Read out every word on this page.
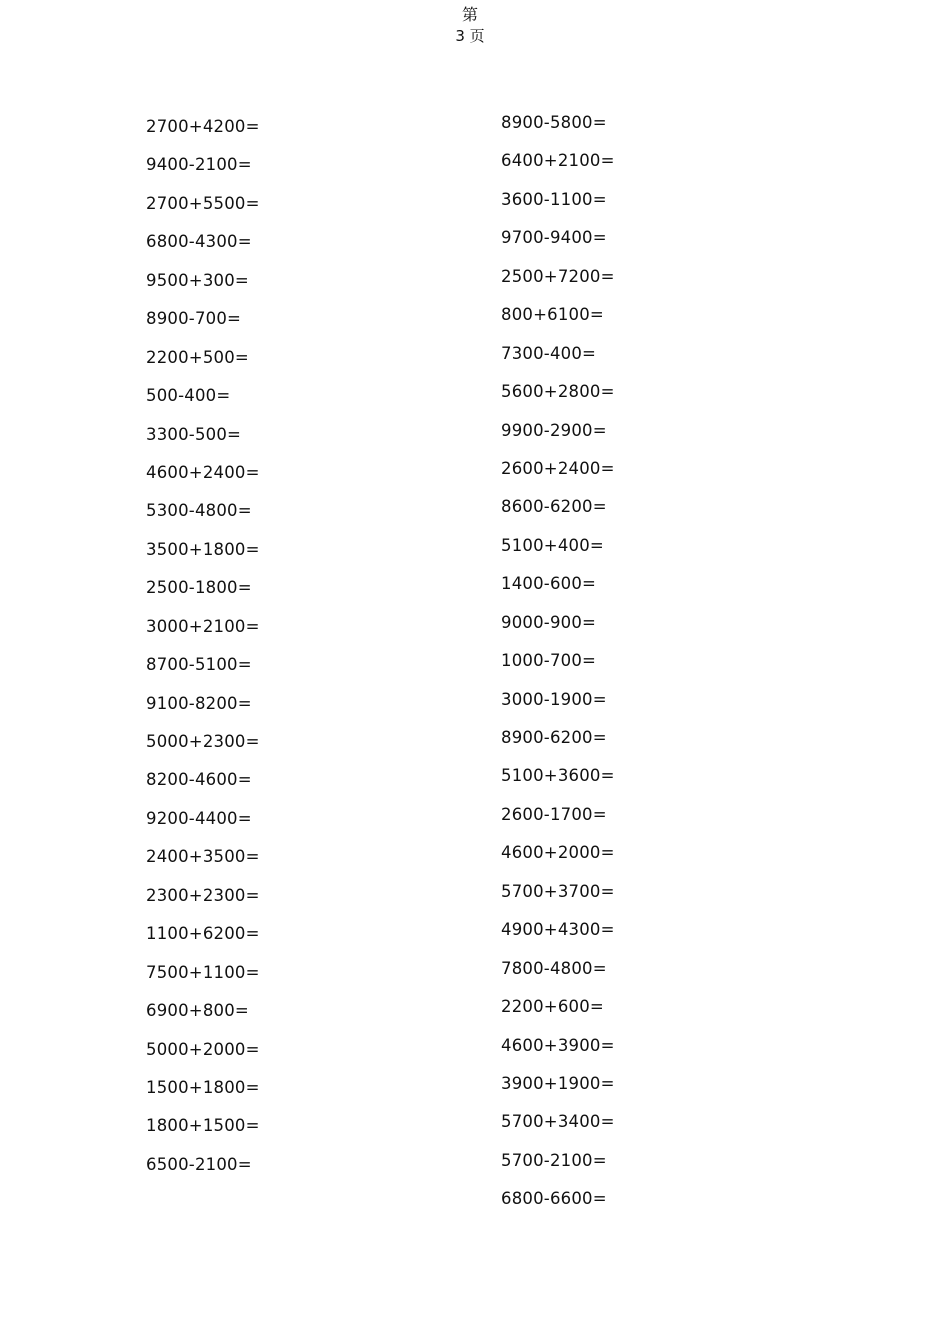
第
3 页
2700+4200=
9400-2100=
2700+5500=
6800-4300=
9500+300=
8900-700=
2200+500=
500-400=
3300-500=
4600+2400=
5300-4800=
3500+1800=
2500-1800=
3000+2100=
8700-5100=
9100-8200=
5000+2300=
8200-4600=
9200-4400=
2400+3500=
2300+2300=
1100+6200=
7500+1100=
6900+800=
5000+2000=
1500+1800=
1800+1500=
6500-2100=
8900-5800=
6400+2100=
3600-1100=
9700-9400=
2500+7200=
800+6100=
7300-400=
5600+2800=
9900-2900=
2600+2400=
8600-6200=
5100+400=
1400-600=
9000-900=
1000-700=
3000-1900=
8900-6200=
5100+3600=
2600-1700=
4600+2000=
5700+3700=
4900+4300=
7800-4800=
2200+600=
4600+3900=
3900+1900=
5700+3400=
5700-2100=
6800-6600=
